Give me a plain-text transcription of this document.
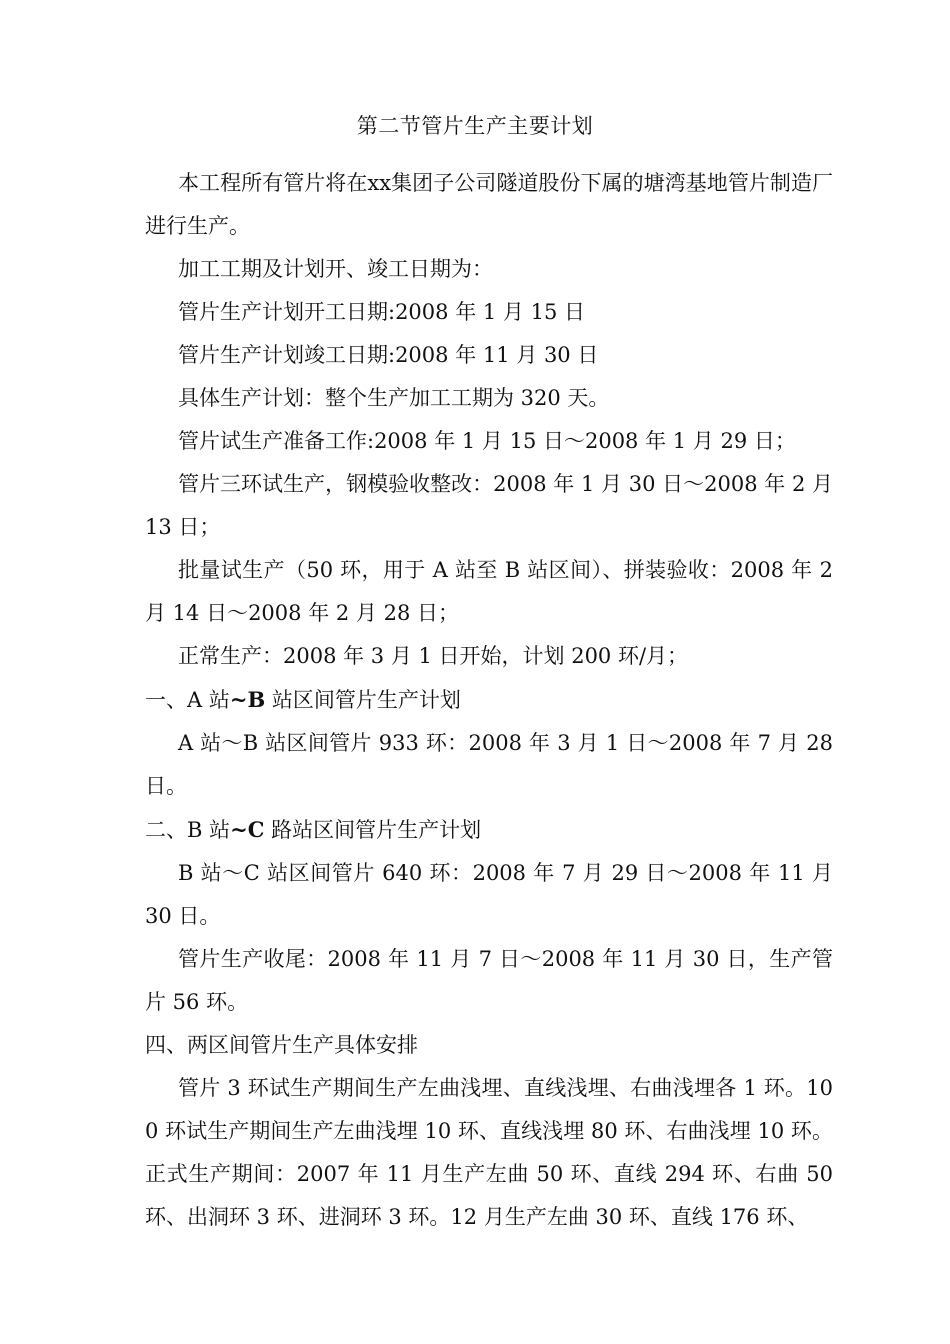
第二节管片生产主要计划

本工程所有管片将在xx集团子公司隧道股份下属的塘湾基地管片制造厂进行生产。

加工工期及计划开、竣工日期为：

管片生产计划开工日期:2008 年 1 月 15 日

管片生产计划竣工日期:2008 年 11 月 30 日

具体生产计划：整个生产加工工期为 320 天。

管片试生产准备工作:2008 年 1 月 15 日～2008 年 1 月 29 日；

管片三环试生产，钢模验收整改：2008 年 1 月 30 日～2008 年 2 月 13 日；

批量试生产（50 环，用于 A 站至 B 站区间）、拼装验收：2008 年 2 月 14 日～2008 年 2 月 28 日；

正常生产：2008 年 3 月 1 日开始，计划 200 环/月；

一、A 站~B 站区间管片生产计划

A 站～B 站区间管片 933 环：2008 年 3 月 1 日～2008 年 7 月 28 日。

二、B 站~C 路站区间管片生产计划

B 站～C 站区间管片 640 环：2008 年 7 月 29 日～2008 年 11 月 30 日。

管片生产收尾：2008 年 11 月 7 日～2008 年 11 月 30 日，生产管片 56 环。

四、两区间管片生产具体安排

管片 3 环试生产期间生产左曲浅埋、直线浅埋、右曲浅埋各 1 环。100 环试生产期间生产左曲浅埋 10 环、直线浅埋 80 环、右曲浅埋 10 环。正式生产期间：2007 年 11 月生产左曲 50 环、直线 294 环、右曲 50 环、出洞环 3 环、进洞环 3 环。12 月生产左曲 30 环、直线 176 环、
